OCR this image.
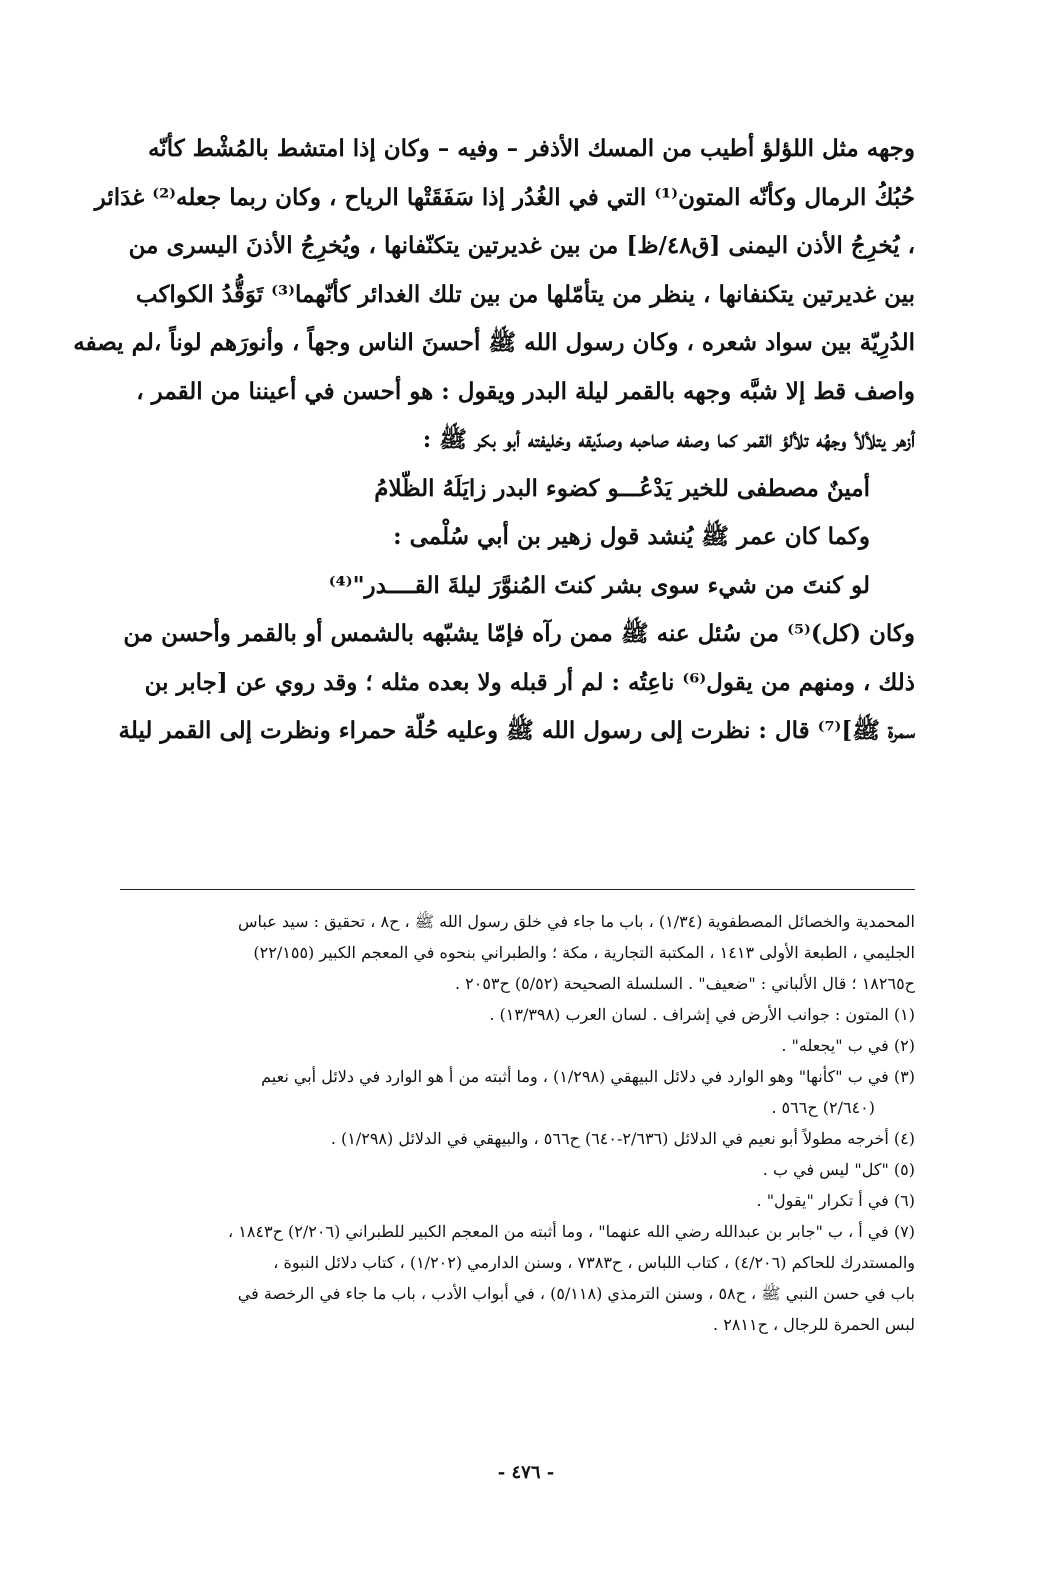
وجهه مثل اللؤلؤ أطيب من المسك الأذفر – وفيه – وكان إذا امتشط بالمُشْط كأنّه
حُبُكُ الرمال وكأنّه المتون⁽¹⁾ التي في الغُدُر إذا سَفَقَتْها الرياح ، وكان ربما جعله⁽²⁾ غدَائر
، يُخرِجُ الأذن اليمنى [ق٤٨/ظ] من بين غديرتين يتكنّفانها ، ويُخرِجُ الأذنَ اليسرى من
بين غديرتين يتكنفانها ، ينظر من يتأمّلها من بين تلك الغدائر كأنّهما⁽³⁾ تَوَقُّدُ الكواكب
الدُرِيّة بين سواد شعره ، وكان رسول الله ﷺ أحسنَ الناس وجهاً ، وأنورَهم لوناً ،لم يصفه
واصف قط إلا شبَّه وجهه بالقمر ليلة البدر ويقول : هو أحسن في أعيننا من القمر ،
أزهر يتلألأ وجهُه تلألؤ القمر كما وصفه صاحبه وصدّيقه وخليفته أبو بكر ﷺ :
أمينٌ مصطفى للخير يَدْعُـــو كضوء البدر زايَلَهُ الظّلامُ
وكما كان عمر ﷺ يُنشد قول زهير بن أبي سُلْمى :
لو كنتَ من شيء سوى بشر كنتَ المُنوَّرَ ليلةَ القــــدر"⁽⁴⁾
وكان (كل)⁽⁵⁾ من سُئل عنه ﷺ ممن رآه فإمّا يشبّهه بالشمس أو بالقمر وأحسن من
ذلك ، ومنهم من يقول⁽⁶⁾ ناعِتُه : لم أر قبله ولا بعده مثله ؛ وقد روي عن [جابر بن
سمرة ﷺ]⁽⁷⁾ قال : نظرت إلى رسول الله ﷺ وعليه حُلّة حمراء ونظرت إلى القمر ليلة
المحمدية والخصائل المصطفوية (١/٣٤) ، باب ما جاء في خلق رسول الله ﷺ ، ح٨ ، تحقيق : سيد عباس
الجليمي ، الطبعة الأولى ١٤١٣ ، المكتبة التجارية ، مكة ؛ والطبراني بنحوه في المعجم الكبير (٢٢/١٥٥)
ح١٨٢٦٥ ؛ قال الألباني : "ضعيف" . السلسلة الصحيحة (٥/٥٢) ح٢٠٥٣ .
(١) المتون : جوانب الأرض في إشراف . لسان العرب (١٣/٣٩٨) .
(٢) في ب "يجعله" .
(٣) في ب "كأنها" وهو الوارد في دلائل البيهقي (١/٢٩٨) ، وما أثبته من أ هو الوارد في دلائل أبي نعيم
(٢/٦٤٠) ح٥٦٦ .
(٤) أخرجه مطولاً أبو نعيم في الدلائل (٢/٦٣٦-٦٤٠) ح٥٦٦ ، والبيهقي في الدلائل (١/٢٩٨) .
(٥) "كل" ليس في ب .
(٦) في أ تكرار "يقول" .
(٧) في أ ، ب "جابر بن عبدالله رضي الله عنهما" ، وما أثبته من المعجم الكبير للطبراني (٢/٢٠٦) ح١٨٤٣ ،
والمستدرك للحاكم (٤/٢٠٦) ، كتاب اللباس ، ح٧٣٨٣ ، وسنن الدارمي (١/٢٠٢) ، كتاب دلائل النبوة ،
باب في حسن النبي ﷺ ، ح٥٨ ، وسنن الترمذي (٥/١١٨) ، في أبواب الأدب ، باب ما جاء في الرخصة في
لبس الحمرة للرجال ، ح٢٨١١ .
- ٤٧٦ -
